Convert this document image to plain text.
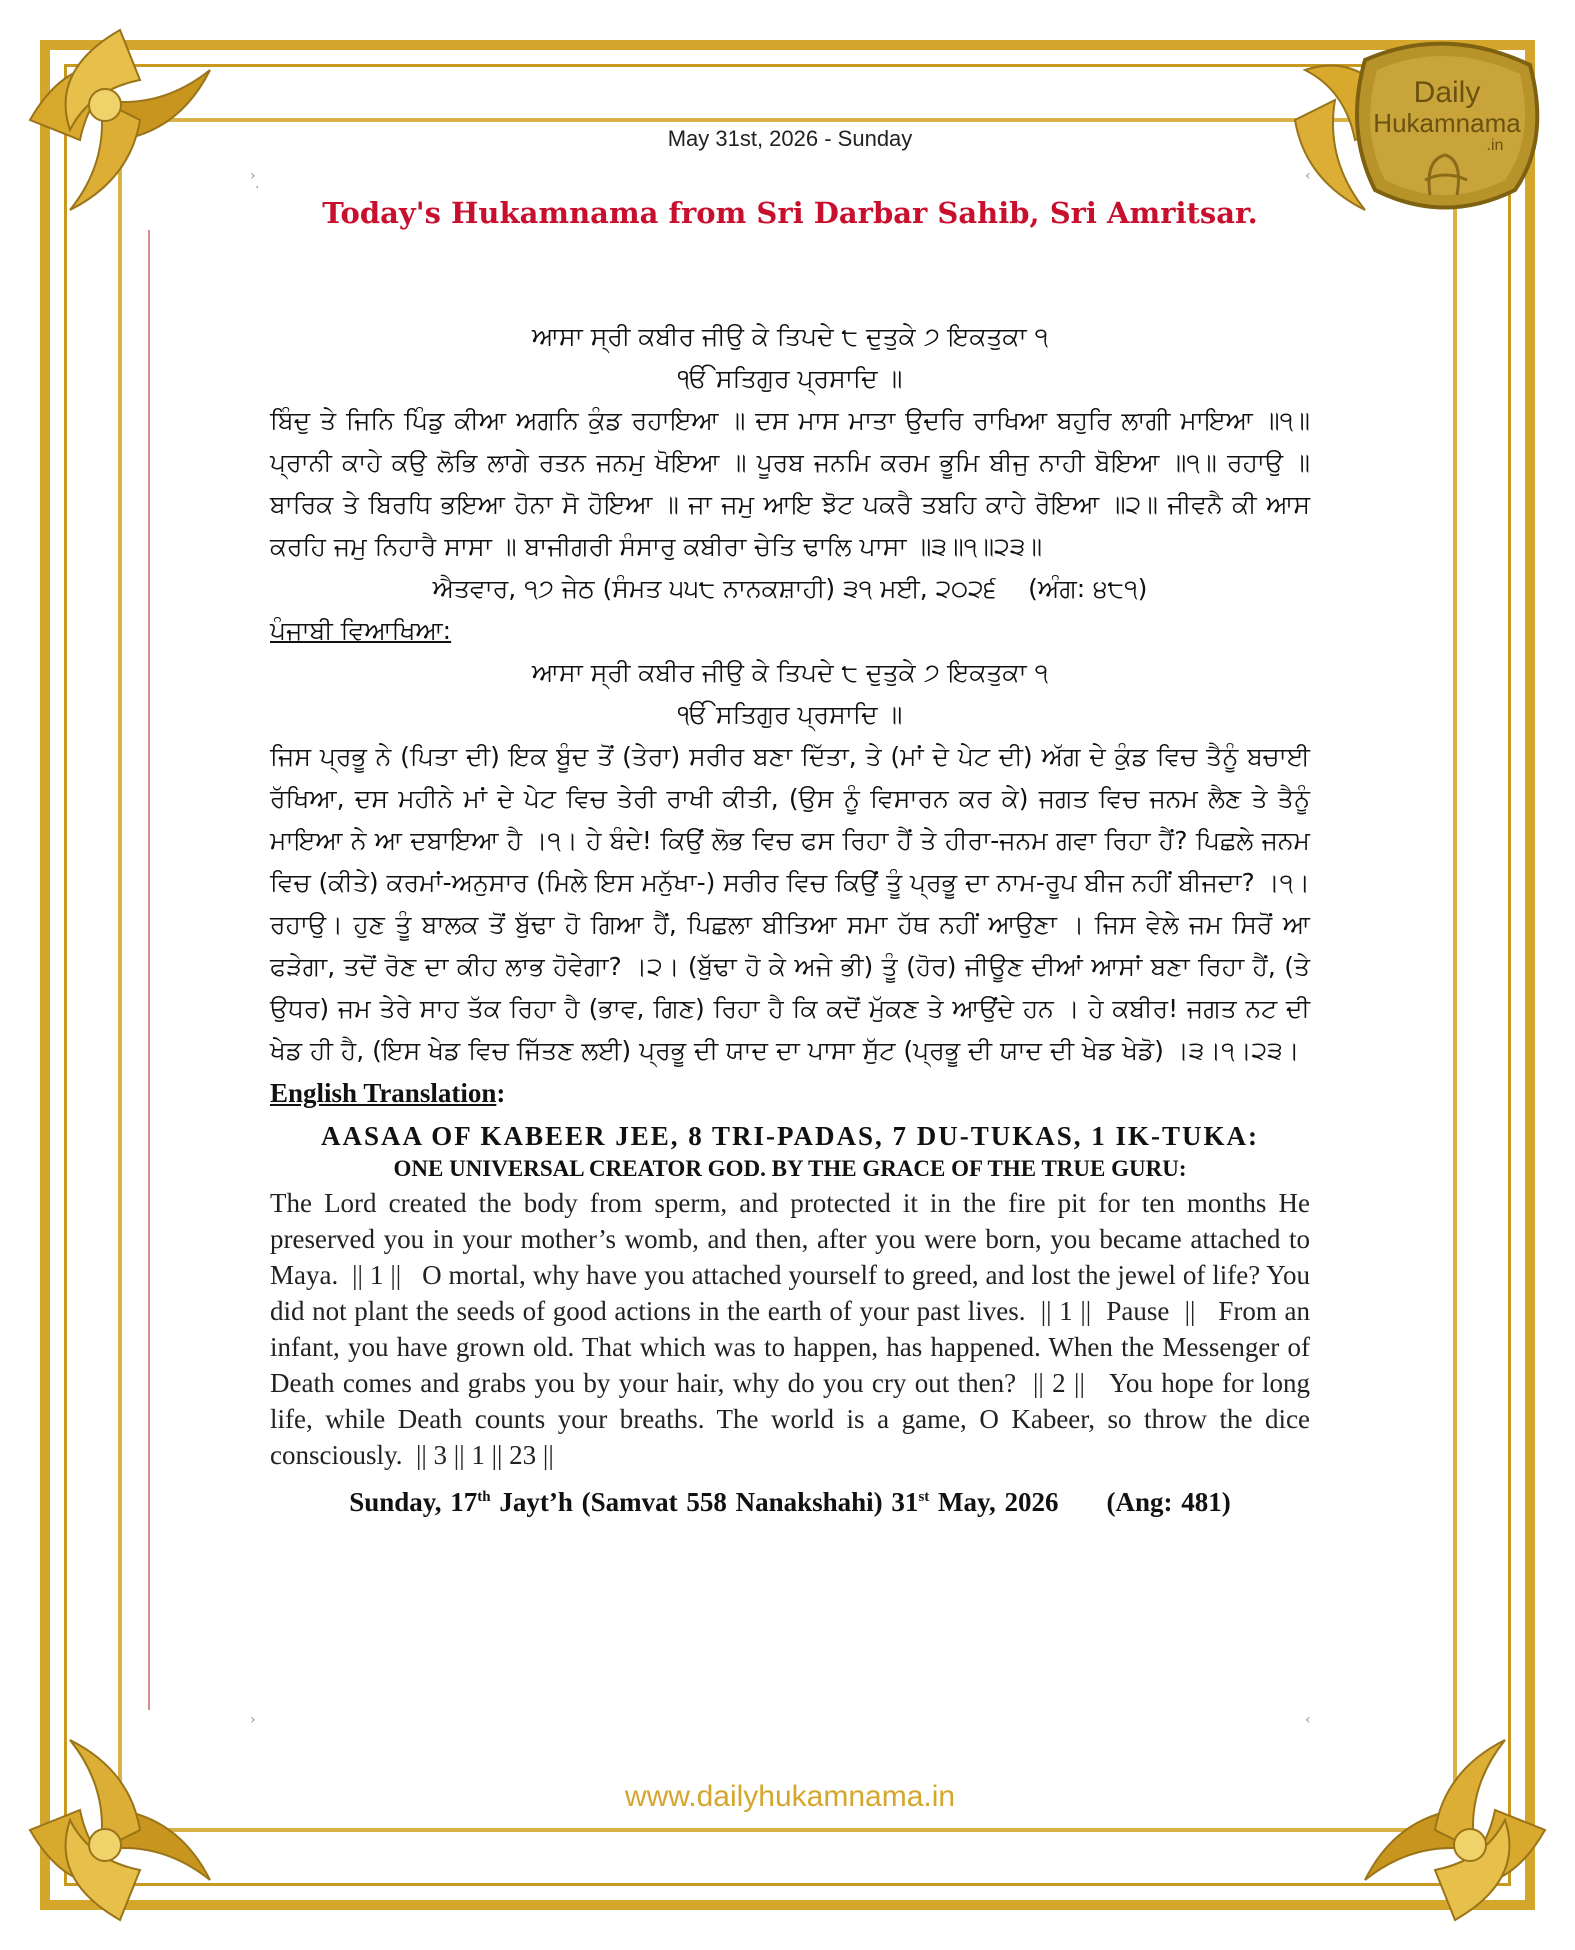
Daily
Hukamnama
.in
›
·
‹
›	‹
May 31st, 2026 - Sunday
Today's Hukamnama from Sri Darbar Sahib, Sri Amritsar.
ਆਸਾ ਸ੍ਰੀ ਕਬੀਰ ਜੀਉ ਕੇ ਤਿਪਦੇ ੮ ਦੁਤੁਕੇ ੭ ਇਕਤੁਕਾ ੧
ੴ ਸਤਿਗੁਰ ਪ੍ਰਸਾਦਿ ॥
ਬਿੰਦੁ ਤੇ ਜਿਨਿ ਪਿੰਡੁ ਕੀਆ ਅਗਨਿ ਕੁੰਡ ਰਹਾਇਆ ॥ ਦਸ ਮਾਸ ਮਾਤਾ ਉਦਰਿ ਰਾਖਿਆ ਬਹੁਰਿ ਲਾਗੀ ਮਾਇਆ ॥੧॥ ਪ੍ਰਾਨੀ ਕਾਹੇ ਕਉ ਲੋਭਿ ਲਾਗੇ ਰਤਨ ਜਨਮੁ ਖੋਇਆ ॥ ਪੂਰਬ ਜਨਮਿ ਕਰਮ ਭੂਮਿ ਬੀਜੁ ਨਾਹੀ ਬੋਇਆ ॥੧॥ ਰਹਾਉ ॥ ਬਾਰਿਕ ਤੇ ਬਿਰਧਿ ਭਇਆ ਹੋਨਾ ਸੋ ਹੋਇਆ ॥ ਜਾ ਜਮੁ ਆਇ ਝੋਟ ਪਕਰੈ ਤਬਹਿ ਕਾਹੇ ਰੋਇਆ ॥੨॥ ਜੀਵਨੈ ਕੀ ਆਸ ਕਰਹਿ ਜਮੁ ਨਿਹਾਰੈ ਸਾਸਾ ॥ ਬਾਜੀਗਰੀ ਸੰਸਾਰੁ ਕਬੀਰਾ ਚੇਤਿ ਢਾਲਿ ਪਾਸਾ ॥੩॥੧॥੨੩॥
ਐਤਵਾਰ, ੧੭ ਜੇਠ (ਸੰਮਤ ੫੫੮ ਨਾਨਕਸ਼ਾਹੀ) ੩੧ ਮਈ, ੨੦੨੬    (ਅੰਗ: ੪੮੧)
ਪੰਜਾਬੀ ਵਿਆਖਿਆ:
ਆਸਾ ਸ੍ਰੀ ਕਬੀਰ ਜੀਉ ਕੇ ਤਿਪਦੇ ੮ ਦੁਤੁਕੇ ੭ ਇਕਤੁਕਾ ੧
ੴ ਸਤਿਗੁਰ ਪ੍ਰਸਾਦਿ ॥
ਜਿਸ ਪ੍ਰਭੂ ਨੇ (ਪਿਤਾ ਦੀ) ਇਕ ਬੂੰਦ ਤੋਂ (ਤੇਰਾ) ਸਰੀਰ ਬਣਾ ਦਿੱਤਾ, ਤੇ (ਮਾਂ ਦੇ ਪੇਟ ਦੀ) ਅੱਗ ਦੇ ਕੁੰਡ ਵਿਚ ਤੈਨੂੰ ਬਚਾਈ ਰੱਖਿਆ, ਦਸ ਮਹੀਨੇ ਮਾਂ ਦੇ ਪੇਟ ਵਿਚ ਤੇਰੀ ਰਾਖੀ ਕੀਤੀ, (ਉਸ ਨੂੰ ਵਿਸਾਰਨ ਕਰ ਕੇ) ਜਗਤ ਵਿਚ ਜਨਮ ਲੈਣ ਤੇ ਤੈਨੂੰ ਮਾਇਆ ਨੇ ਆ ਦਬਾਇਆ ਹੈ ।੧। ਹੇ ਬੰਦੇ! ਕਿਉਂ ਲੋਭ ਵਿਚ ਫਸ ਰਿਹਾ ਹੈਂ ਤੇ ਹੀਰਾ-ਜਨਮ ਗਵਾ ਰਿਹਾ ਹੈਂ? ਪਿਛਲੇ ਜਨਮ ਵਿਚ (ਕੀਤੇ) ਕਰਮਾਂ-ਅਨੁਸਾਰ (ਮਿਲੇ ਇਸ ਮਨੁੱਖਾ-) ਸਰੀਰ ਵਿਚ ਕਿਉਂ ਤੂੰ ਪ੍ਰਭੂ ਦਾ ਨਾਮ-ਰੂਪ ਬੀਜ ਨਹੀਂ ਬੀਜਦਾ? ।੧।ਰਹਾਉ। ਹੁਣ ਤੂੰ ਬਾਲਕ ਤੋਂ ਬੁੱਢਾ ਹੋ ਗਿਆ ਹੈਂ, ਪਿਛਲਾ ਬੀਤਿਆ ਸਮਾ ਹੱਥ ਨਹੀਂ ਆਉਣਾ । ਜਿਸ ਵੇਲੇ ਜਮ ਸਿਰੋਂ ਆ ਫੜੇਗਾ, ਤਦੋਂ ਰੋਣ ਦਾ ਕੀਹ ਲਾਭ ਹੋਵੇਗਾ? ।੨। (ਬੁੱਢਾ ਹੋ ਕੇ ਅਜੇ ਭੀ) ਤੂੰ (ਹੋਰ) ਜੀਊਣ ਦੀਆਂ ਆਸਾਂ ਬਣਾ ਰਿਹਾ ਹੈਂ, (ਤੇ ਉਧਰ) ਜਮ ਤੇਰੇ ਸਾਹ ਤੱਕ ਰਿਹਾ ਹੈ (ਭਾਵ, ਗਿਣ) ਰਿਹਾ ਹੈ ਕਿ ਕਦੋਂ ਮੁੱਕਣ ਤੇ ਆਉਂਦੇ ਹਨ । ਹੇ ਕਬੀਰ! ਜਗਤ ਨਟ ਦੀ ਖੇਡ ਹੀ ਹੈ, (ਇਸ ਖੇਡ ਵਿਚ ਜਿੱਤਣ ਲਈ) ਪ੍ਰਭੂ ਦੀ ਯਾਦ ਦਾ ਪਾਸਾ ਸੁੱਟ (ਪ੍ਰਭੂ ਦੀ ਯਾਦ ਦੀ ਖੇਡ ਖੇਡੋ) ।੩।੧।੨੩।
English Translation:
AASAA OF KABEER JEE, 8 TRI-PADAS, 7 DU-TUKAS, 1 IK-TUKA:
ONE UNIVERSAL CREATOR GOD. BY THE GRACE OF THE TRUE GURU:
The Lord created the body from sperm, and protected it in the fire pit for ten months He preserved you in your mother’s womb, and then, after you were born, you became attached to Maya.  || 1 ||   O mortal, why have you attached yourself to greed, and lost the jewel of life? You did not plant the seeds of good actions in the earth of your past lives.  || 1 ||  Pause  ||   From an infant, you have grown old. That which was to happen, has happened. When the Messenger of Death comes and grabs you by your hair, why do you cry out then?  || 2 ||   You hope for long life, while Death counts your breaths. The world is a game, O Kabeer, so throw the dice consciously.  || 3 || 1 || 23 ||
Sunday, 17th Jayt’h (Samvat 558 Nanakshahi) 31st May, 2026 (Ang: 481)
www.dailyhukamnama.in
